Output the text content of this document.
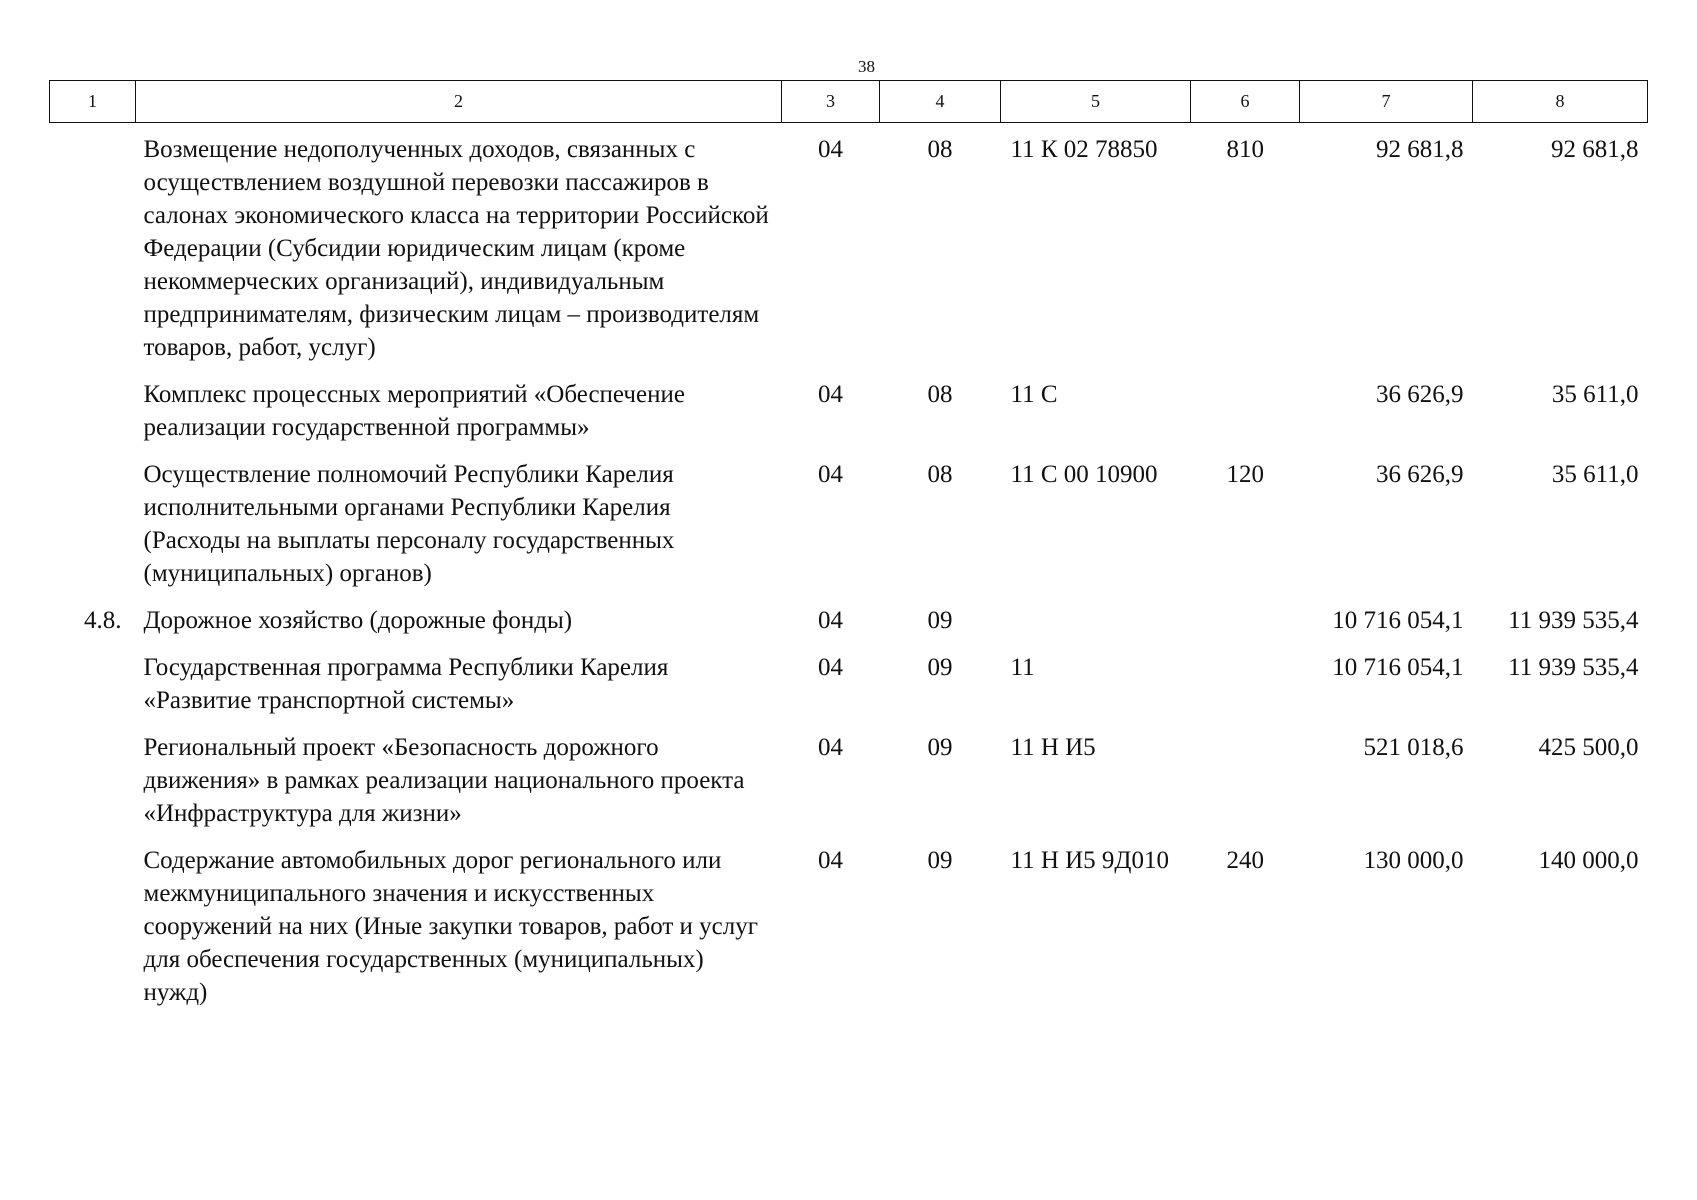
38
1	2	3	4	5	6	7	8
	Возмещение недополученных доходов, связанных с осуществлением воздушной перевозки пассажиров в салонах экономического класса на территории Российской Федерации (Субсидии юридическим лицам (кроме некоммерческих организаций), индивидуальным предпринимателям, физическим лицам – производителям товаров, работ, услуг)	04	08	11 К 02 78850	810	92 681,8	92 681,8
	Комплекс процессных мероприятий «Обеспечение реализации государственной программы»	04	08	11 С		36 626,9	35 611,0
	Осуществление полномочий Республики Карелия исполнительными органами Республики Карелия (Расходы на выплаты персоналу государственных (муниципальных) органов)	04	08	11 С 00 10900	120	36 626,9	35 611,0
4.8.	Дорожное хозяйство (дорожные фонды)	04	09			10 716 054,1	11 939 535,4
	Государственная программа Республики Карелия «Развитие транспортной системы»	04	09	11		10 716 054,1	11 939 535,4
	Региональный проект «Безопасность дорожного движения» в рамках реализации национального проекта «Инфраструктура для жизни»	04	09	11 Н И5		521 018,6	425 500,0
	Содержание автомобильных дорог регионального или межмуниципального значения и искусственных сооружений на них (Иные закупки товаров, работ и услуг для обеспечения государственных (муниципальных) нужд)	04	09	11 Н И5 9Д010	240	130 000,0	140 000,0
